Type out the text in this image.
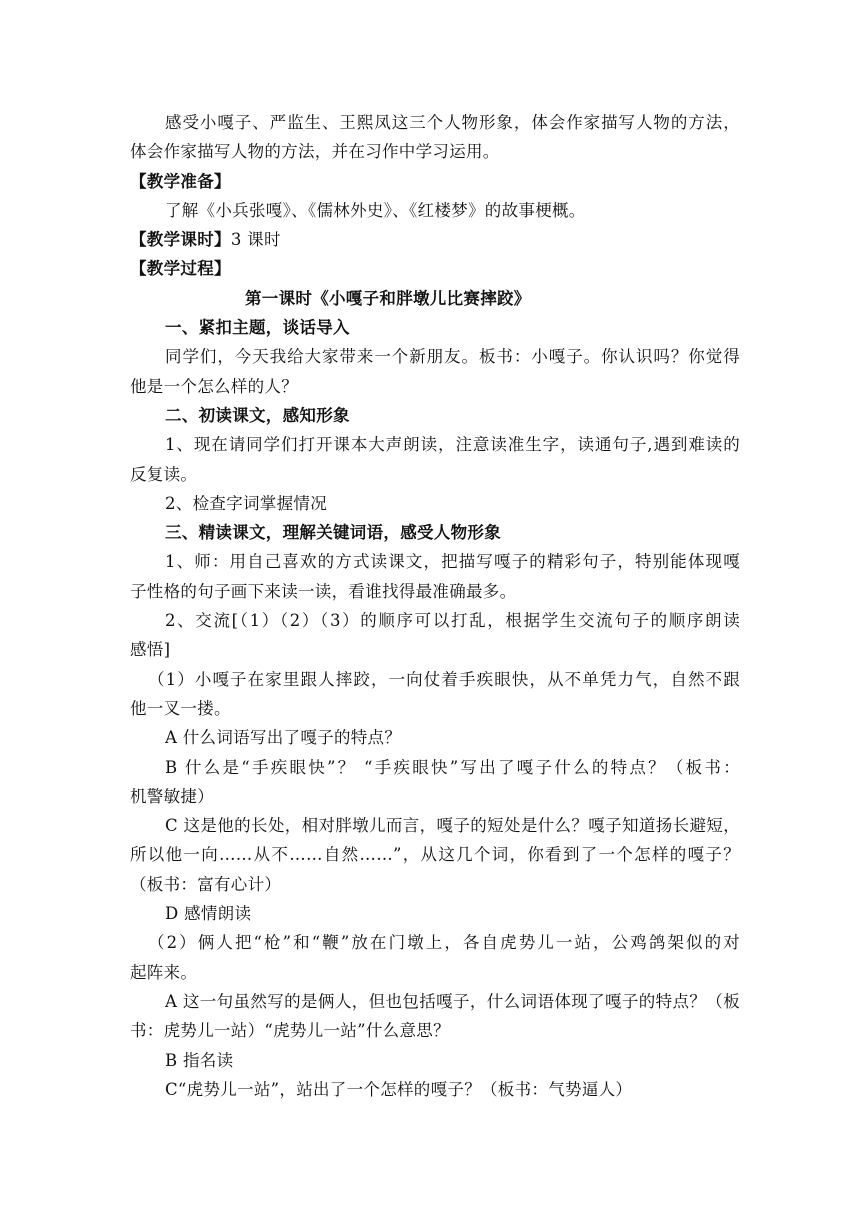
感受小嘎子、严监生、王熙凤这三个人物形象，体会作家描写人物的方法，
体会作家描写人物的方法，并在习作中学习运用。
【教学准备】
了解《小兵张嘎》、《儒林外史》、《红楼梦》的故事梗概。
【教学课时】3 课时
【教学过程】
第一课时《小嘎子和胖墩儿比赛摔跤》
一、紧扣主题，谈话导入
同学们，今天我给大家带来一个新朋友。板书：小嘎子。你认识吗？你觉得
他是一个怎么样的人？
二、初读课文，感知形象
1、现在请同学们打开课本大声朗读，注意读准生字，读通句子,遇到难读的
反复读。
2、检查字词掌握情况
三、精读课文，理解关键词语，感受人物形象
1、师：用自己喜欢的方式读课文，把描写嘎子的精彩句子，特别能体现嘎
子性格的句子画下来读一读，看谁找得最准确最多。
2、交流[（1）（2）（3）的顺序可以打乱，根据学生交流句子的顺序朗读
感悟]
（1）小嘎子在家里跟人摔跤，一向仗着手疾眼快，从不单凭力气，自然不跟
他一叉一搂。
A 什么词语写出了嘎子的特点？
B 什么是“手疾眼快”？ “手疾眼快”写出了嘎子什么的特点？（板书：
机警敏捷）
C 这是他的长处，相对胖墩儿而言，嘎子的短处是什么？嘎子知道扬长避短，
所以他一向……从不……自然……”，从这几个词，你看到了一个怎样的嘎子？
（板书：富有心计）
D 感情朗读
（2）俩人把“枪”和“鞭”放在门墩上，各自虎势儿一站，公鸡鸽架似的对
起阵来。
A 这一句虽然写的是俩人，但也包括嘎子，什么词语体现了嘎子的特点？（板
书：虎势儿一站）“虎势儿一站”什么意思？
B 指名读
C“虎势儿一站”，站出了一个怎样的嘎子？（板书：气势逼人）
